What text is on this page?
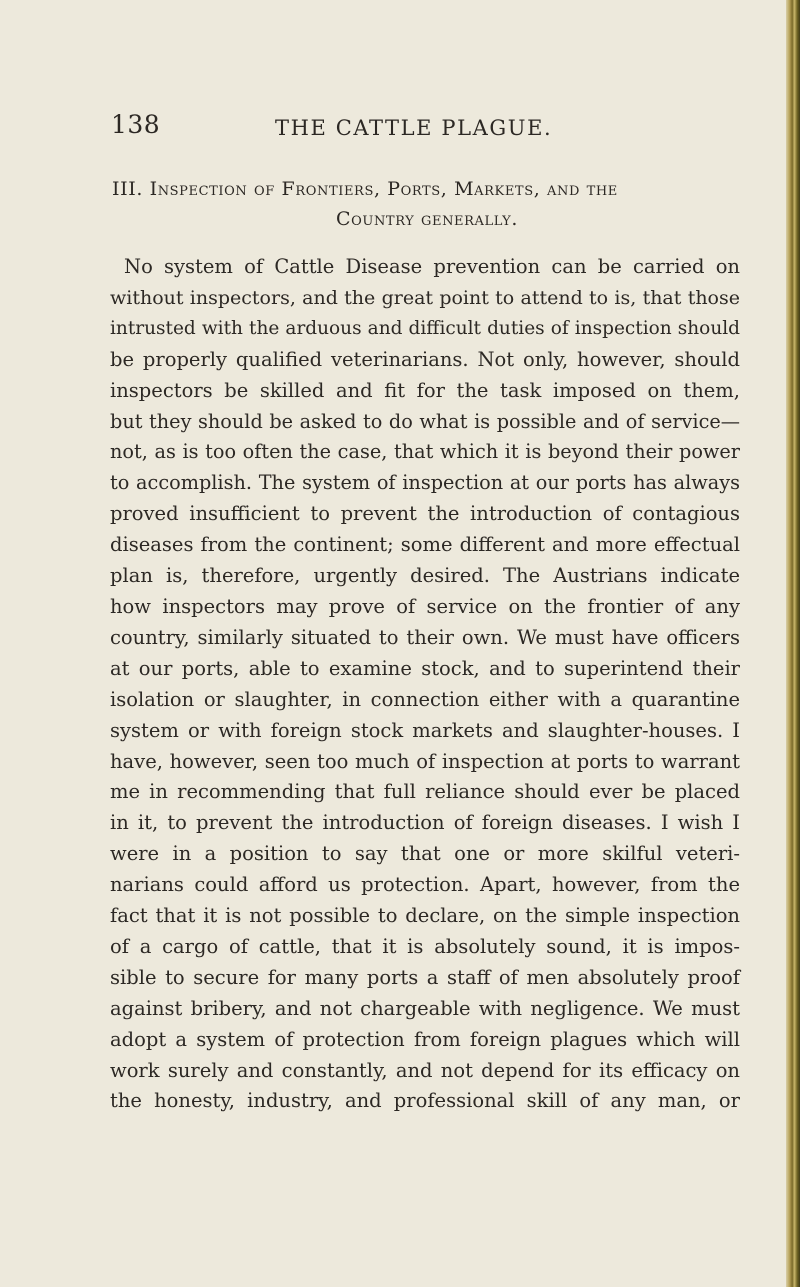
138	THE CATTLE PLAGUE.
III. Inspection of Frontiers, Ports, Markets, and the
Country generally.
No system of Cattle Disease prevention can be carried on
without inspectors, and the great point to attend to is, that those
intrusted with the arduous and difficult duties of inspection should
be properly qualified veterinarians. Not only, however, should
inspectors be skilled and fit for the task imposed on them,
but they should be asked to do what is possible and of service—
not, as is too often the case, that which it is beyond their power
to accomplish. The system of inspection at our ports has always
proved insufficient to prevent the introduction of contagious
diseases from the continent; some different and more effectual
plan is, therefore, urgently desired. The Austrians indicate
how inspectors may prove of service on the frontier of any
country, similarly situated to their own. We must have officers
at our ports, able to examine stock, and to superintend their
isolation or slaughter, in connection either with a quarantine
system or with foreign stock markets and slaughter-houses. I
have, however, seen too much of inspection at ports to warrant
me in recommending that full reliance should ever be placed
in it, to prevent the introduction of foreign diseases. I wish I
were in a position to say that one or more skilful veteri-
narians could afford us protection. Apart, however, from the
fact that it is not possible to declare, on the simple inspection
of a cargo of cattle, that it is absolutely sound, it is impos-
sible to secure for many ports a staff of men absolutely proof
against bribery, and not chargeable with negligence. We must
adopt a system of protection from foreign plagues which will
work surely and constantly, and not depend for its efficacy on
the honesty, industry, and professional skill of any man, or
